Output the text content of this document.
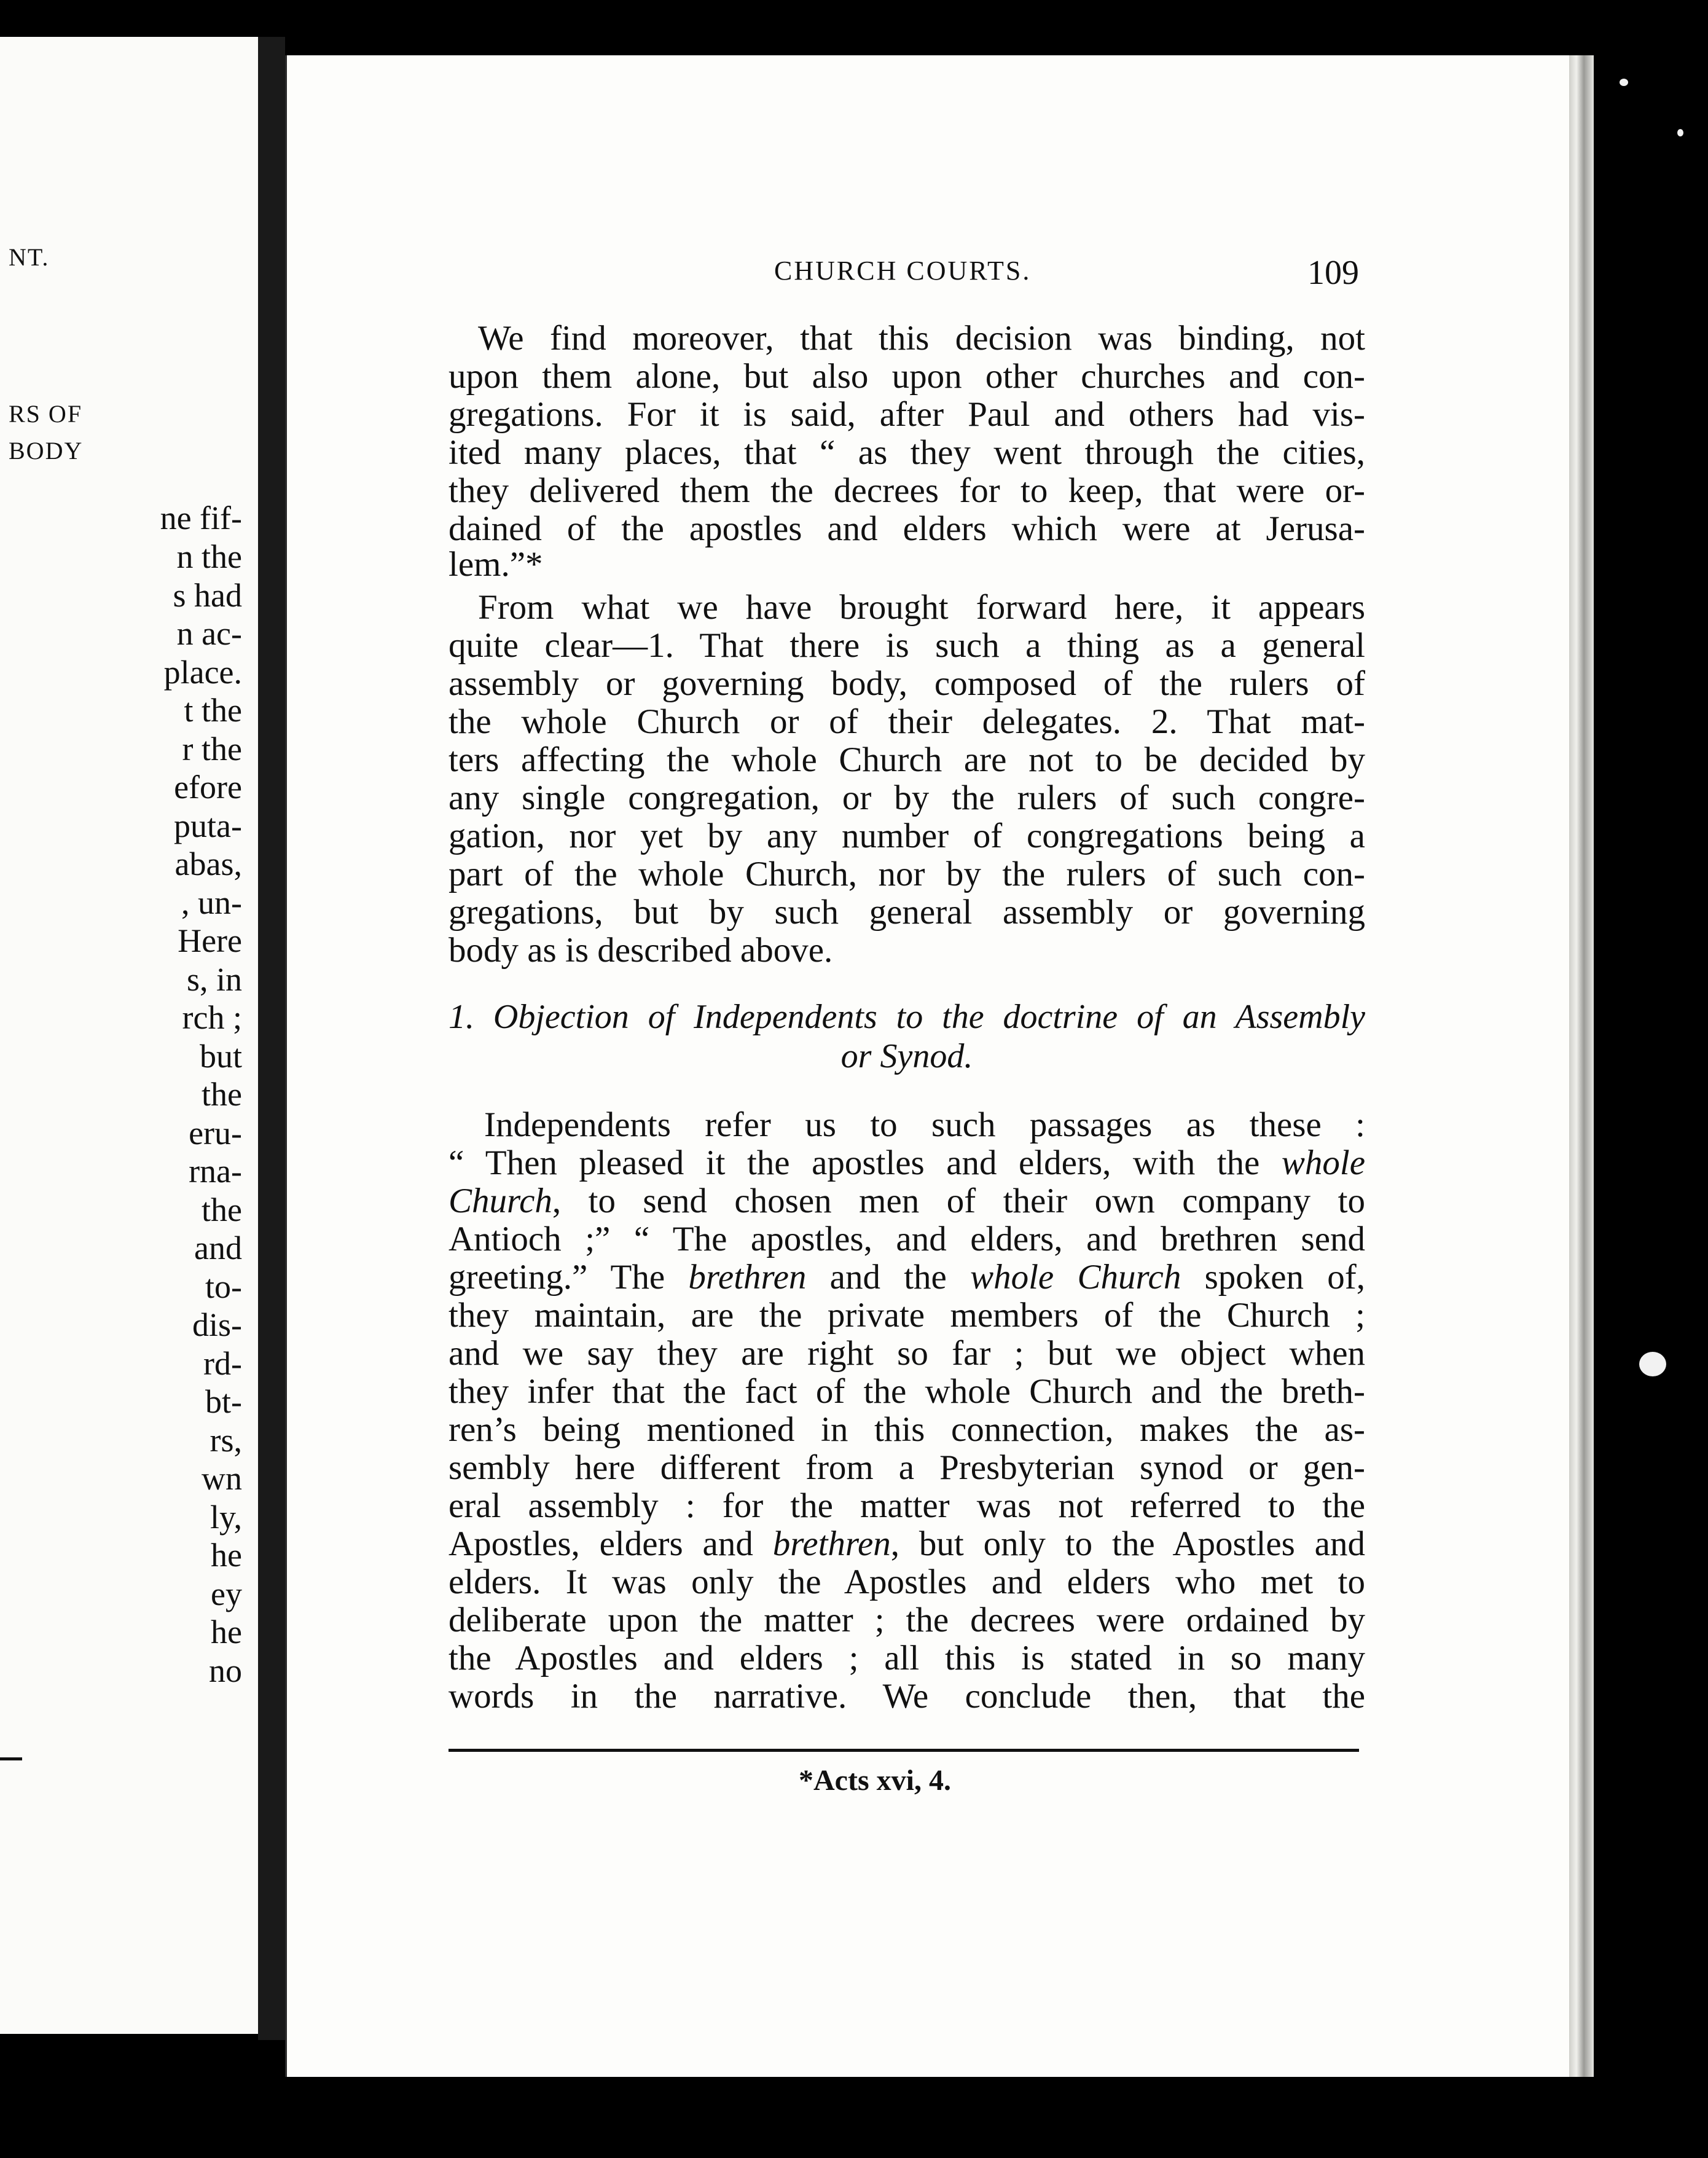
NT.
RS OF
BODY
ne fif-
n the
s had
n ac-
place.
t the
r the
efore
puta-
abas,
, un-
Here
s, in
rch ;
but
the
eru-
rna-
the
and
to-
dis-
rd-
bt-
rs,
wn
ly,
he
ey
he
no
CHURCH COURTS.	109
We find moreover, that this decision was binding, not
upon them alone, but also upon other churches and con-
gregations. For it is said, after Paul and others had vis-
ited many places, that “ as they went through the cities,
they delivered them the decrees for to keep, that were or-
dained of the apostles and elders which were at Jerusa-
lem.”*
From what we have brought forward here, it appears
quite clear—1. That there is such a thing as a general
assembly or governing body, composed of the rulers of
the whole Church or of their delegates. 2. That mat-
ters affecting the whole Church are not to be decided by
any single congregation, or by the rulers of such congre-
gation, nor yet by any number of congregations being a
part of the whole Church, nor by the rulers of such con-
gregations, but by such general assembly or governing
body as is described above.
1. Objection of Independents to the doctrine of an Assembly
or Synod.
Independents refer us to such passages as these :
“ Then pleased it the apostles and elders, with the whole
Church, to send chosen men of their own company to
Antioch ;” “ The apostles, and elders, and brethren send
greeting.” The brethren and the whole Church spoken of,
they maintain, are the private members of the Church ;
and we say they are right so far ; but we object when
they infer that the fact of the whole Church and the breth-
ren’s being mentioned in this connection, makes the as-
sembly here different from a Presbyterian synod or gen-
eral assembly : for the matter was not referred to the
Apostles, elders and brethren, but only to the Apostles and
elders. It was only the Apostles and elders who met to
deliberate upon the matter ; the decrees were ordained by
the Apostles and elders ; all this is stated in so many
words in the narrative. We conclude then, that the
*Acts xvi, 4.
